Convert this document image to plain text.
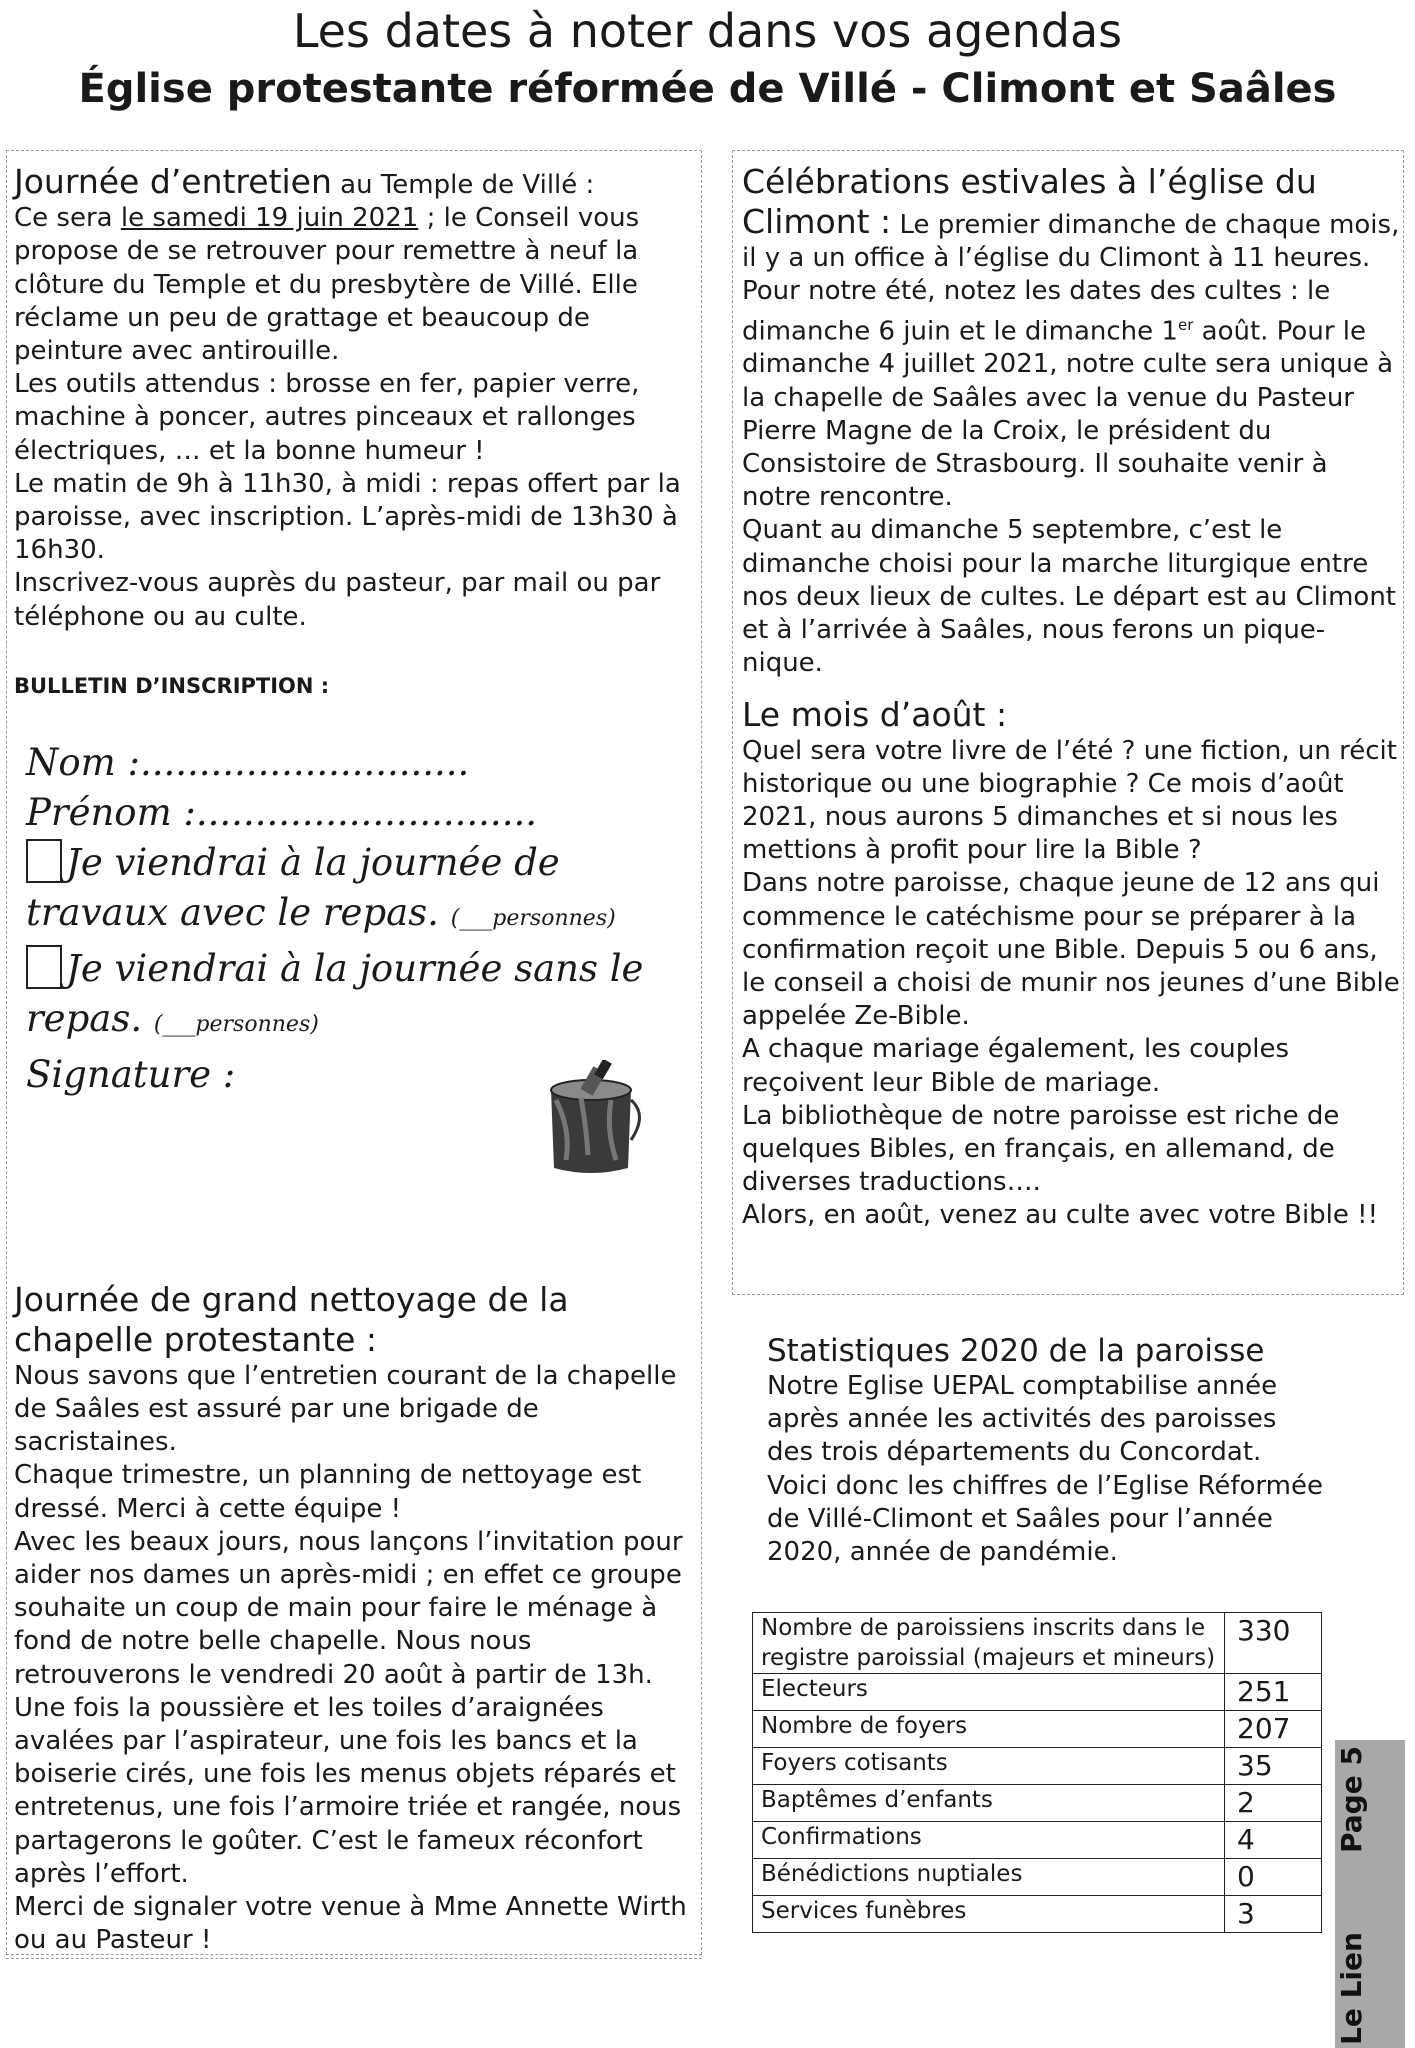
Les dates à noter dans vos agendas
Église protestante réformée de Villé - Climont et Saâles

Journée d’entretien au Temple de Villé :

Ce sera le samedi 19 juin 2021 ; le Conseil vous propose de se retrouver pour remettre à neuf la clôture du Temple et du presbytère de Villé. Elle réclame un peu de grattage et beaucoup de peinture avec antirouille.

Les outils attendus : brosse en fer, papier verre, machine à poncer, autres pinceaux et rallonges électriques, … et la bonne humeur !

Le matin de 9h à 11h30, à midi : repas offert par la paroisse, avec inscription. L’après-midi de 13h30 à 16h30.

Inscrivez-vous auprès du pasteur, par mail ou par téléphone ou au culte.

BULLETIN D’INSCRIPTION :

Nom :............................
Prénom :.............................
Je viendrai à la journée de travaux avec le repas. (___personnes)
Je viendrai à la journée sans le repas. (___personnes)
Signature :

Journée de grand nettoyage de la chapelle protestante :

Nous savons que l’entretien courant de la chapelle de Saâles est assuré par une brigade de sacristaines.

Chaque trimestre, un planning de nettoyage est dressé. Merci à cette équipe !

Avec les beaux jours, nous lançons l’invitation pour aider nos dames un après-midi ; en effet ce groupe souhaite un coup de main pour faire le ménage à fond de notre belle chapelle. Nous nous retrouverons le vendredi 20 août à partir de 13h. Une fois la poussière et les toiles d’araignées avalées par l’aspirateur, une fois les bancs et la boiserie cirés, une fois les menus objets réparés et entretenus, une fois l’armoire triée et rangée, nous partagerons le goûter. C’est le fameux réconfort après l’effort.

Merci de signaler votre venue à Mme Annette Wirth ou au Pasteur !

Célébrations estivales à l’église du

Climont : Le premier dimanche de chaque mois, il y a un office à l’église du Climont à 11 heures.

Pour notre été, notez les dates des cultes : le dimanche 6 juin et le dimanche 1er août. Pour le dimanche 4 juillet 2021, notre culte sera unique à la chapelle de Saâles avec la venue du Pasteur Pierre Magne de la Croix, le président du Consistoire de Strasbourg. Il souhaite venir à notre rencontre.

Quant au dimanche 5 septembre, c’est le dimanche choisi pour la marche liturgique entre nos deux lieux de cultes. Le départ est au Climont et à l’arrivée à Saâles, nous ferons un pique-nique.

Le mois d’août :

Quel sera votre livre de l’été ? une fiction, un récit historique ou une biographie ? Ce mois d’août 2021, nous aurons 5 dimanches et si nous les mettions à profit pour lire la Bible ?

Dans notre paroisse, chaque jeune de 12 ans qui commence le catéchisme pour se préparer à la confirmation reçoit une Bible. Depuis 5 ou 6 ans, le conseil a choisi de munir nos jeunes d’une Bible appelée Ze-Bible.

A chaque mariage également, les couples reçoivent leur Bible de mariage.

La bibliothèque de notre paroisse est riche de quelques Bibles, en français, en allemand, de diverses traductions….

Alors, en août, venez au culte avec votre Bible !!

Statistiques 2020 de la paroisse

Notre Eglise UEPAL comptabilise année après année les activités des paroisses des trois départements du Concordat. Voici donc les chiffres de l’Eglise Réformée de Villé-Climont et Saâles pour l’année 2020, année de pandémie.

Nombre de paroissiens inscrits dans le registre paroissial (majeurs et mineurs)	330
Electeurs	251
Nombre de foyers	207
Foyers cotisants	35
Baptêmes d’enfants	2
Confirmations	4
Bénédictions nuptiales	0
Services funèbres	3
Page 5
Le Lien
